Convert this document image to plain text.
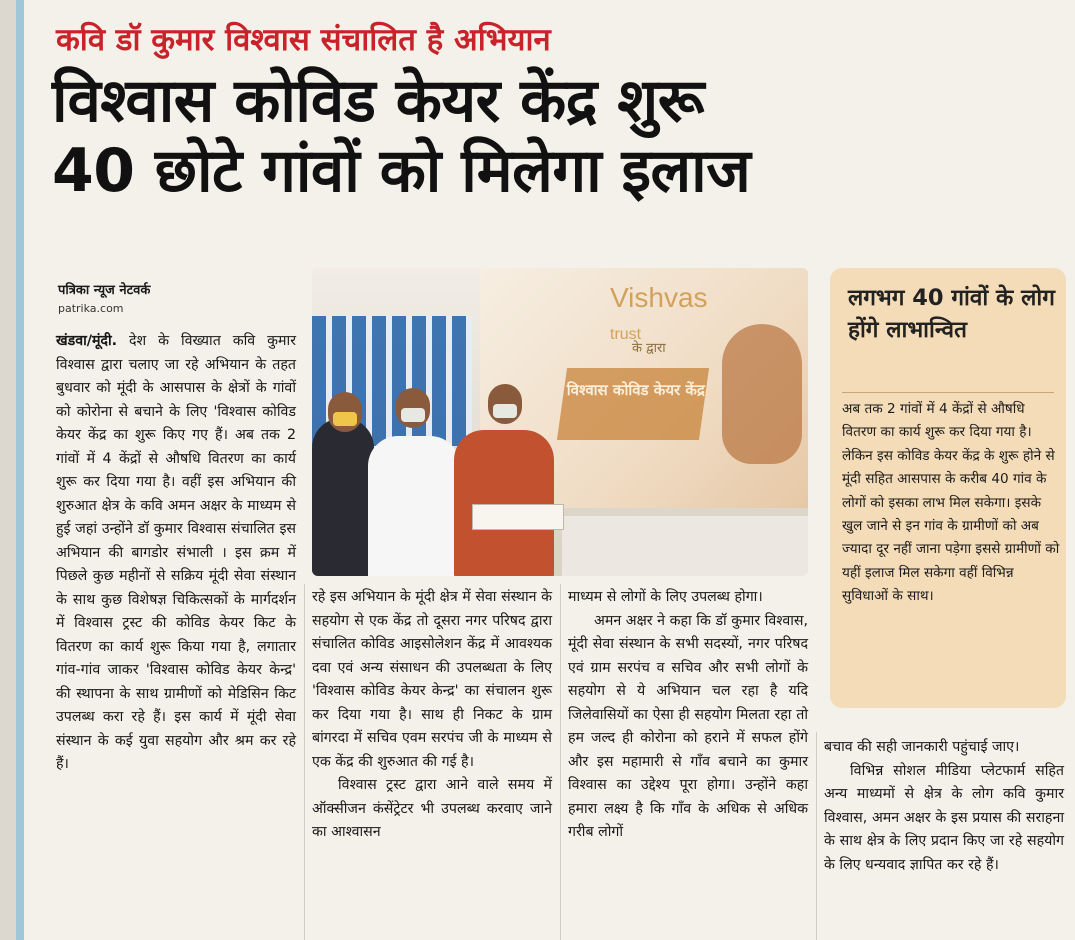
कवि डॉ कुमार विश्वास संचालित है अभियान
विश्वास कोविड केयर केंद्र शुरू
40 छोटे गांवों को मिलेगा इलाज
पत्रिका न्यूज नेटवर्क
patrika.com	Vishvas
trust
के द्वारा
विश्वास कोविड केयर केंद्र
लगभग 40 गांवों के लोग होंगे लाभान्वित
अब तक 2 गांवों में 4 केंद्रों से औषधि वितरण का कार्य शुरू कर दिया गया है। लेकिन इस कोविड केयर केंद्र के शुरू होने से मूंदी सहित आसपास के करीब 40 गांव के लोगों को इसका लाभ मिल सकेगा। इसके खुल जाने से इन गांव के ग्रामीणों को अब ज्यादा दूर नहीं जाना पड़ेगा इससे ग्रामीणों को यहीं इलाज मिल सकेगा वहीं विभिन्न सुविधाओं के साथ।

खंडवा/मूंदी. देश के विख्यात कवि कुमार विश्वास द्वारा चलाए जा रहे अभियान के तहत बुधवार को मूंदी के आसपास के क्षेत्रों के गांवों को कोरोना से बचाने के लिए 'विश्वास कोविड केयर केंद्र का शुरू किए गए हैं। अब तक 2 गांवों में 4 केंद्रों से औषधि वितरण का कार्य शुरू कर दिया गया है। वहीं इस अभियान की शुरुआत क्षेत्र के कवि अमन अक्षर के माध्यम से हुई जहां उन्होंने डॉ कुमार विश्वास संचालित इस अभियान की बागडोर संभाली । इस क्रम में पिछले कुछ महीनों से सक्रिय मूंदी सेवा संस्थान के साथ कुछ विशेषज्ञ चिकित्सकों के मार्गदर्शन में विश्वास ट्रस्ट की कोविड केयर किट के वितरण का कार्य शुरू किया गया है, लगातार गांव-गांव जाकर 'विश्वास कोविड केयर केन्द्र' की स्थापना के साथ ग्रामीणों को मेडिसिन किट उपलब्ध करा रहे हैं। इस कार्य में मूंदी सेवा संस्थान के कई युवा सहयोग और श्रम कर रहे हैं।

रहे इस अभियान के मूंदी क्षेत्र में सेवा संस्थान के सहयोग से एक केंद्र तो दूसरा नगर परिषद द्वारा संचालित कोविड आइसोलेशन केंद्र में आवश्यक दवा एवं अन्य संसाधन की उपलब्धता के लिए 'विश्वास कोविड केयर केन्द्र' का संचालन शुरू कर दिया गया है। साथ ही निकट के ग्राम बांगरदा में सचिव एवम सरपंच जी के माध्यम से एक केंद्र की शुरुआत की गई है।

विश्वास ट्रस्ट द्वारा आने वाले समय में ऑक्सीजन कंसेंट्रेटर भी उपलब्ध करवाए जाने का आश्वासन

माध्यम से लोगों के लिए उपलब्ध होगा।

अमन अक्षर ने कहा कि डॉ कुमार विश्वास, मूंदी सेवा संस्थान के सभी सदस्यों, नगर परिषद एवं ग्राम सरपंच व सचिव और सभी लोगों के सहयोग से ये अभियान चल रहा है यदि जिलेवासियों का ऐसा ही सहयोग मिलता रहा तो हम जल्द ही कोरोना को हराने में सफल होंगे और इस महामारी से गाँव बचाने का कुमार विश्वास का उद्देश्य पूरा होगा। उन्होंने कहा हमारा लक्ष्य है कि गाँव के अधिक से अधिक गरीब लोगों

बचाव की सही जानकारी पहुंचाई जाए।

विभिन्न सोशल मीडिया प्लेटफार्म सहित अन्य माध्यमों से क्षेत्र के लोग कवि कुमार विश्वास, अमन अक्षर के इस प्रयास की सराहना के साथ क्षेत्र के लिए प्रदान किए जा रहे सहयोग के लिए धन्यवाद ज्ञापित कर रहे हैं।
